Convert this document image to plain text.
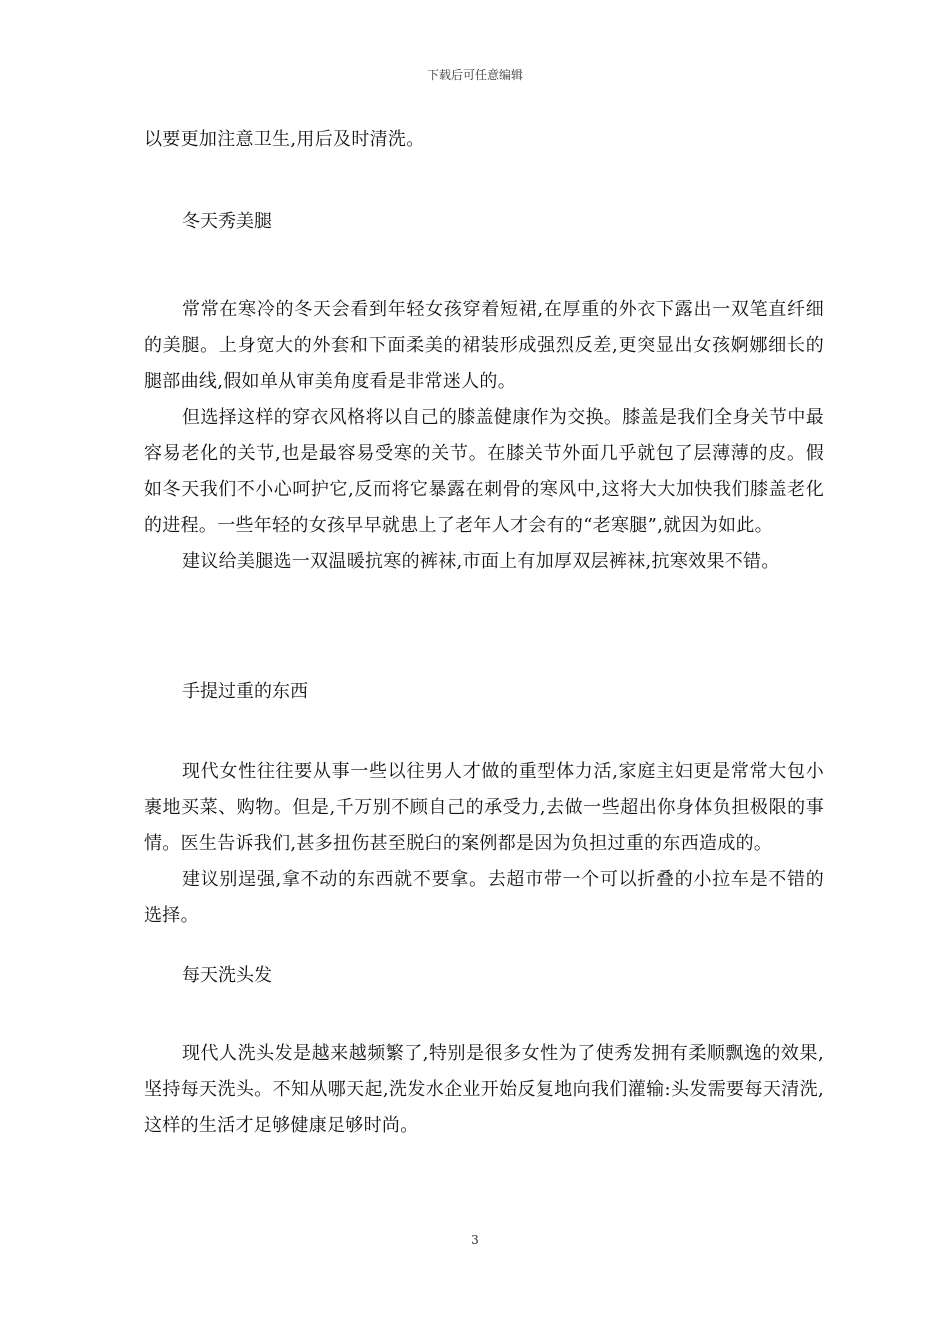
下载后可任意编辑

以要更加注意卫生,用后及时清洗。

冬天秀美腿

常常在寒冷的冬天会看到年轻女孩穿着短裙,在厚重的外衣下露出一双笔直纤细的美腿。上身宽大的外套和下面柔美的裙装形成强烈反差,更突显出女孩婀娜细长的腿部曲线,假如单从审美角度看是非常迷人的。

但选择这样的穿衣风格将以自己的膝盖健康作为交换。膝盖是我们全身关节中最容易老化的关节,也是最容易受寒的关节。在膝关节外面几乎就包了层薄薄的皮。假如冬天我们不小心呵护它,反而将它暴露在刺骨的寒风中,这将大大加快我们膝盖老化的进程。一些年轻的女孩早早就患上了老年人才会有的“老寒腿”,就因为如此。

建议给美腿选一双温暖抗寒的裤袜,市面上有加厚双层裤袜,抗寒效果不错。

手提过重的东西

现代女性往往要从事一些以往男人才做的重型体力活,家庭主妇更是常常大包小裹地买菜、购物。但是,千万别不顾自己的承受力,去做一些超出你身体负担极限的事情。医生告诉我们,甚多扭伤甚至脱臼的案例都是因为负担过重的东西造成的。

建议别逞强,拿不动的东西就不要拿。去超市带一个可以折叠的小拉车是不错的选择。

每天洗头发

现代人洗头发是越来越频繁了,特别是很多女性为了使秀发拥有柔顺飘逸的效果,坚持每天洗头。不知从哪天起,洗发水企业开始反复地向我们灌输:头发需要每天清洗,这样的生活才足够健康足够时尚。

3
